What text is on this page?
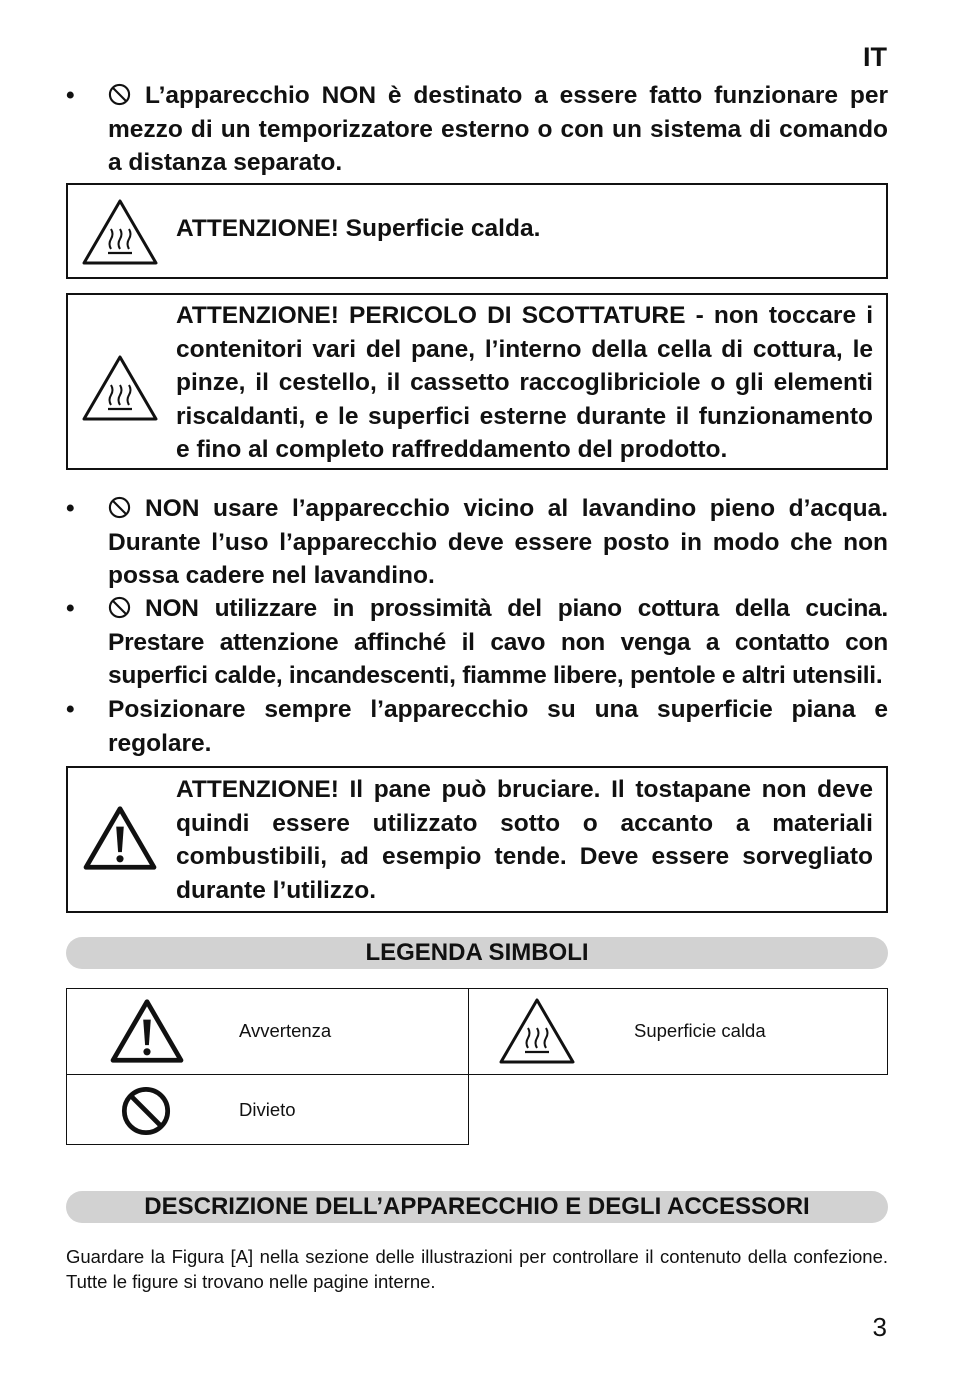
IT
•	L’apparecchio NON è destinato a essere fatto funzionare per mezzo di un temporizzatore esterno o con un sistema di comando a distanza separato.
ATTENZIONE! Superficie calda.
ATTENZIONE! PERICOLO DI SCOTTATURE - non toccare i contenitori vari del pane, l’interno della cella di cottura, le pinze, il cestello, il cassetto raccoglibriciole o gli elementi riscaldanti, e le superfici esterne durante il funzionamento e fino al completo raffreddamento del prodotto.
•	NON usare l’apparecchio vicino al lavandino pieno d’acqua. Durante l’uso l’apparecchio deve essere posto in modo che non possa cadere nel lavandino.
•	NON utilizzare in prossimità del piano cottura della cucina. Prestare attenzione affinché il cavo non venga a contatto con superfici calde, incandescenti, fiamme libere, pentole e altri utensili.
•	Posizionare sempre l’apparecchio su una superficie piana e regolare.
ATTENZIONE! Il pane può bruciare. Il tostapane non deve quindi essere utilizzato sotto o accanto a materiali combustibili, ad esempio tende. Deve essere sorvegliato durante l’utilizzo.
LEGENDA SIMBOLI
Avvertenza	Superficie calda

Divieto	

DESCRIZIONE DELL’APPARECCHIO E DEGLI ACCESSORI
Guardare la Figura [A] nella sezione delle illustrazioni per controllare il contenuto della confezione. Tutte le figure si trovano nelle pagine interne.
3
